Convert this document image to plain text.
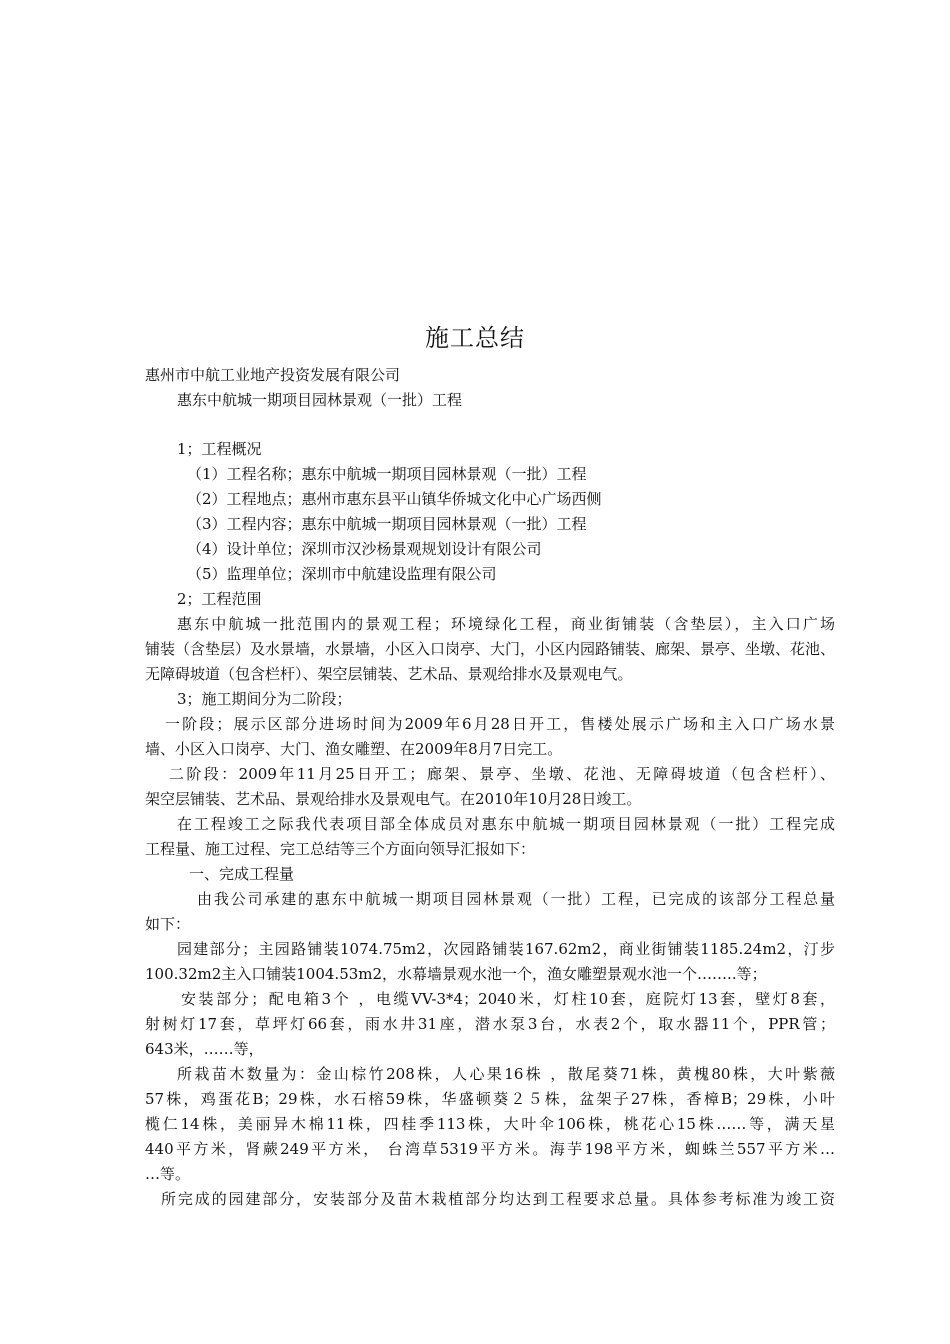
施工总结
惠州市中航工业地产投资发展有限公司
惠东中航城一期项目园林景观（一批）工程
1；工程概况
（1）工程名称；惠东中航城一期项目园林景观（一批）工程
（2）工程地点；惠州市惠东县平山镇华侨城文化中心广场西侧
（3）工程内容；惠东中航城一期项目园林景观（一批）工程
（4）设计单位；深圳市汉沙杨景观规划设计有限公司
（5）监理单位；深圳市中航建设监理有限公司
2；工程范围
惠东中航城一批范围内的景观工程；环境绿化工程，商业街铺装（含垫层），主入口广场
铺装（含垫层）及水景墙，水景墙，小区入口岗亭、大门，小区内园路铺装、廊架、景亭、坐墩、花池、
无障碍坡道（包含栏杆）、架空层铺装、艺术品、景观给排水及景观电气。
3；施工期间分为二阶段；
一阶段；展示区部分进场时间为2009年6月28日开工，售楼处展示广场和主入口广场水景
墙、小区入口岗亭、大门、渔女雕塑、在2009年8月7日完工。
二阶段：2009年11月25日开工；廊架、景亭、坐墩、花池、无障碍坡道（包含栏杆）、
架空层铺装、艺术品、景观给排水及景观电气。在2010年10月28日竣工。
在工程竣工之际我代表项目部全体成员对惠东中航城一期项目园林景观（一批）工程完成
工程量、施工过程、完工总结等三个方面向领导汇报如下：
一、完成工程量
由我公司承建的惠东中航城一期项目园林景观（一批）工程，已完成的该部分工程总量
如下：
园建部分；主园路铺装1074.75m2，次园路铺装167.62m2，商业街铺装1185.24m2，汀步
100.32m2主入口铺装1004.53m2，水幕墙景观水池一个，渔女雕塑景观水池一个……..等；
安装部分；配电箱3个 ，电缆VV-3*4；2040米，灯柱10套，庭院灯13套，壁灯8套，
射树灯17套，草坪灯66套，雨水井31座，潜水泵3台，水表2个，取水器11个，PPR管；
643米，……等，
所栽苗木数量为：金山棕竹208株，人心果16株 ，散尾葵71株，黄槐80株，大叶紫薇
57株，鸡蛋花B；29株，水石榕59株，华盛顿葵２５株，盆架子27株，香樟B；29株，小叶
榄仁14株，美丽异木棉11株，四桂季113株，大叶伞106株，桃花心15株……等，满天星
440平方米，肾蕨249平方米， 台湾草5319平方米。海芋198平方米，蜘蛛兰557平方米…
…等。
所完成的园建部分，安装部分及苗木栽植部分均达到工程要求总量。具体参考标准为竣工资
